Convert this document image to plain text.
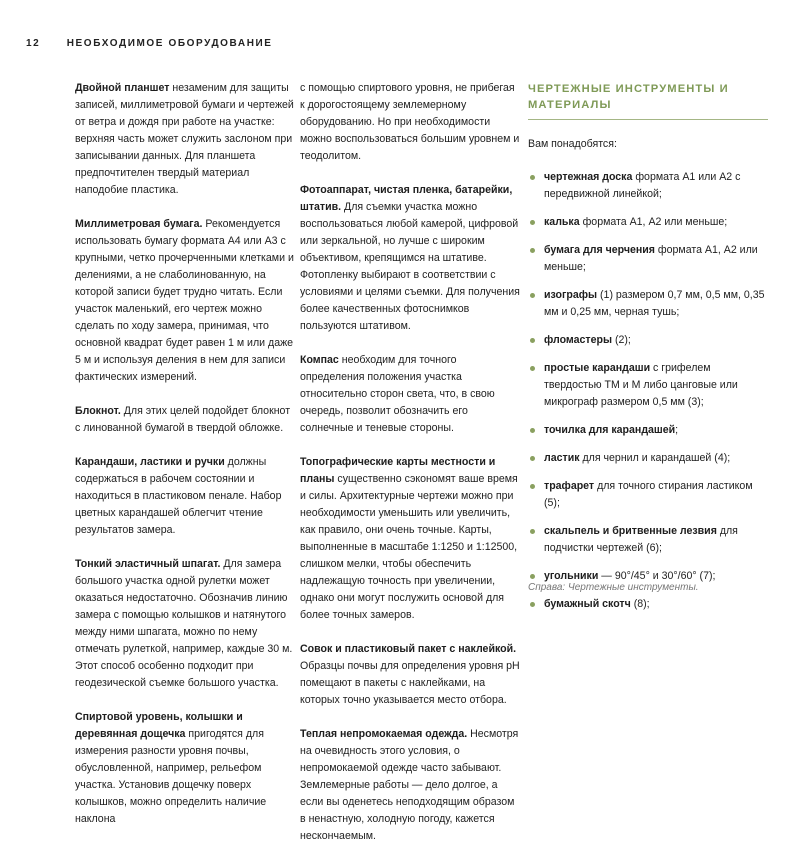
12	НЕОБХОДИМОЕ ОБОРУДОВАНИЕ

Двойной планшет незаменим для защиты записей, миллиметровой бумаги и чертежей от ветра и дождя при работе на участке: верхняя часть может служить заслоном при записывании данных. Для планшета предпочтителен твердый материал наподобие пластика.

Миллиметровая бумага. Рекомендуется использовать бумагу формата А4 или А3 с крупными, четко прочерченными клетками и делениями, а не слаболинованную, на которой записи будет трудно читать. Если участок маленький, его чертеж можно сделать по ходу замера, принимая, что основной квадрат будет равен 1 м или даже 5 м и используя деления в нем для записи фактических измерений.

Блокнот. Для этих целей подойдет блокнот с линованной бумагой в твердой обложке.

Карандаши, ластики и ручки должны содержаться в рабочем состоянии и находиться в пластиковом пенале. Набор цветных карандашей облегчит чтение результатов замера.

Тонкий эластичный шпагат. Для замера большого участка одной рулетки может оказаться недостаточно. Обозначив линию замера с помощью колышков и натянутого между ними шпагата, можно по нему отмечать рулеткой, например, каждые 30 м. Этот способ особенно подходит при геодезической съемке большого участка.

Спиртовой уровень, колышки и деревянная дощечка пригодятся для измерения разности уровня почвы, обусловленной, например, рельефом участка. Установив дощечку поверх колышков, можно определить наличие наклона

с помощью спиртового уровня, не прибегая к дорогостоящему землемерному оборудованию. Но при необходимости можно воспользоваться большим уровнем и теодолитом.

Фотоаппарат, чистая пленка, батарейки, штатив. Для съемки участка можно воспользоваться любой камерой, цифровой или зеркальной, но лучше с широким объективом, крепящимся на штативе. Фотопленку выбирают в соответствии с условиями и целями съемки. Для получения более качественных фотоснимков пользуются штативом.

Компас необходим для точного определения положения участка относительно сторон света, что, в свою очередь, позволит обозначить его солнечные и теневые стороны.

Топографические карты местности и планы существенно сэкономят ваше время и силы. Архитектурные чертежи можно при необходимости уменьшить или увеличить, как правило, они очень точные. Карты, выполненные в масштабе 1:1250 и 1:12500, слишком мелки, чтобы обеспечить надлежащую точность при увеличении, однако они могут послужить основой для более точных замеров.

Совок и пластиковый пакет с наклейкой. Образцы почвы для определения уровня рН помещают в пакеты с наклейками, на которых точно указывается место отбора.

Теплая непромокаемая одежда. Несмотря на очевидность этого условия, о непромокаемой одежде часто забывают. Землемерные работы — дело долгое, а если вы оденетесь неподходящим образом в ненастную, холодную погоду, кажется нескончаемым.

ЧЕРТЕЖНЫЕ ИНСТРУМЕНТЫ И МАТЕРИАЛЫ

Вам понадобятся:

чертежная доска формата А1 или А2 с передвижной линейкой;
калька формата А1, А2 или меньше;
бумага для черчения формата А1, А2 или меньше;
изографы (1) размером 0,7 мм, 0,5 мм, 0,35 мм и 0,25 мм, черная тушь;
фломастеры (2);
простые карандаши с грифелем твердостью ТМ и М либо цанговые или микрограф размером 0,5 мм (3);
точилка для карандашей;
ластик для чернил и карандашей (4);
трафарет для точного стирания ластиком (5);
скальпель и бритвенные лезвия для подчистки чертежей (6);
угольники — 90°/45° и 30°/60° (7);
бумажный скотч (8);
Справа: Чертежные инструменты.
